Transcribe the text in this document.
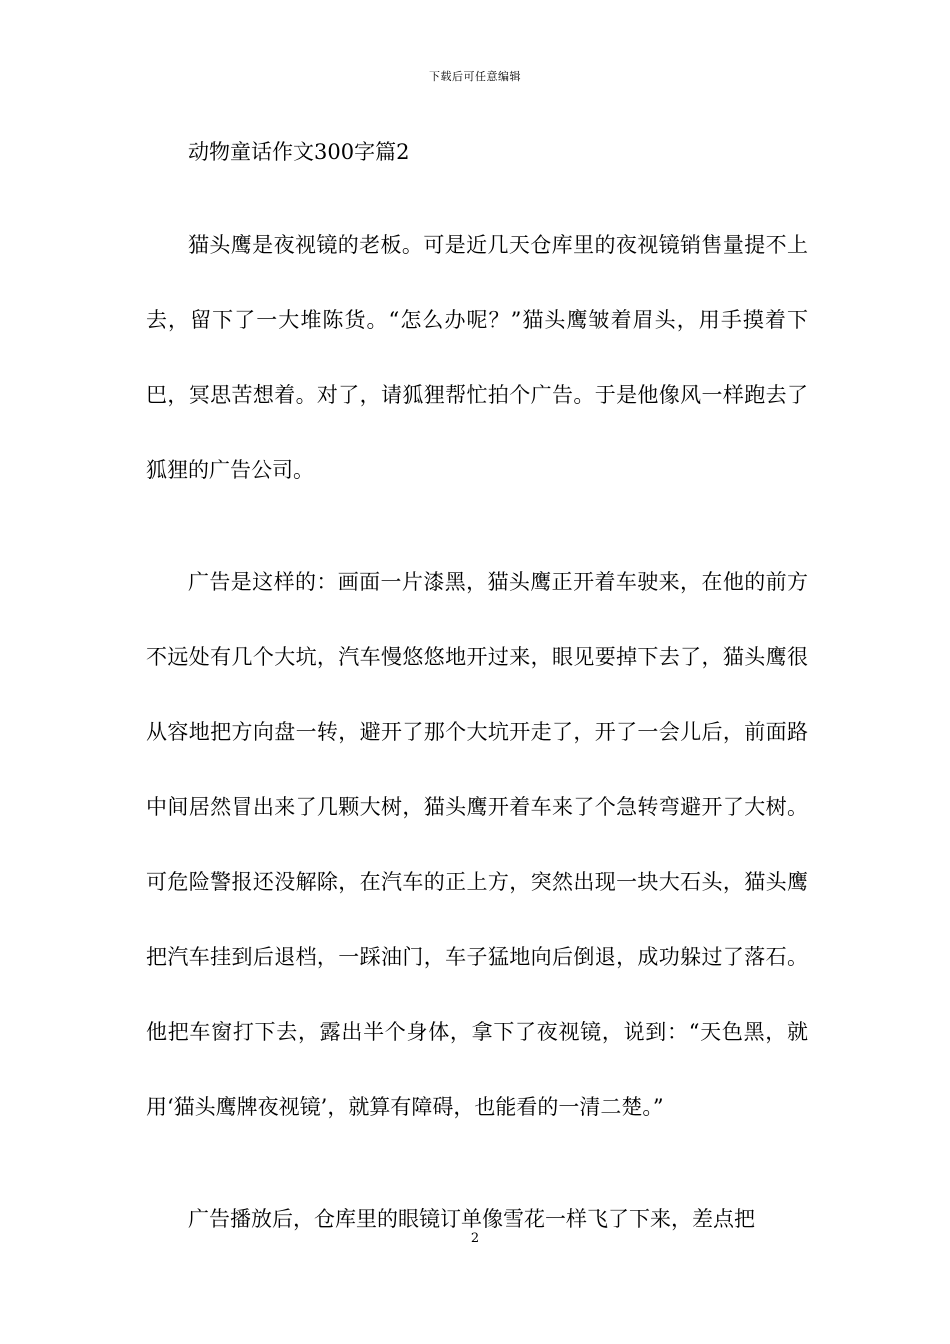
下载后可任意编辑

动物童话作文300字篇2

猫头鹰是夜视镜的老板。可是近几天仓库里的夜视镜销售量提不上去，留下了一大堆陈货。“怎么办呢？”猫头鹰皱着眉头，用手摸着下巴，冥思苦想着。对了，请狐狸帮忙拍个广告。于是他像风一样跑去了狐狸的广告公司。

广告是这样的：画面一片漆黑，猫头鹰正开着车驶来，在他的前方不远处有几个大坑，汽车慢悠悠地开过来，眼见要掉下去了，猫头鹰很从容地把方向盘一转，避开了那个大坑开走了，开了一会儿后，前面路中间居然冒出来了几颗大树，猫头鹰开着车来了个急转弯避开了大树。可危险警报还没解除，在汽车的正上方，突然出现一块大石头，猫头鹰把汽车挂到后退档，一踩油门，车子猛地向后倒退，成功躲过了落石。他把车窗打下去，露出半个身体，拿下了夜视镜，说到：“天色黑，就用‘猫头鹰牌夜视镜’，就算有障碍，也能看的一清二楚。”

广告播放后，仓库里的眼镜订单像雪花一样飞了下来，差点把

2
